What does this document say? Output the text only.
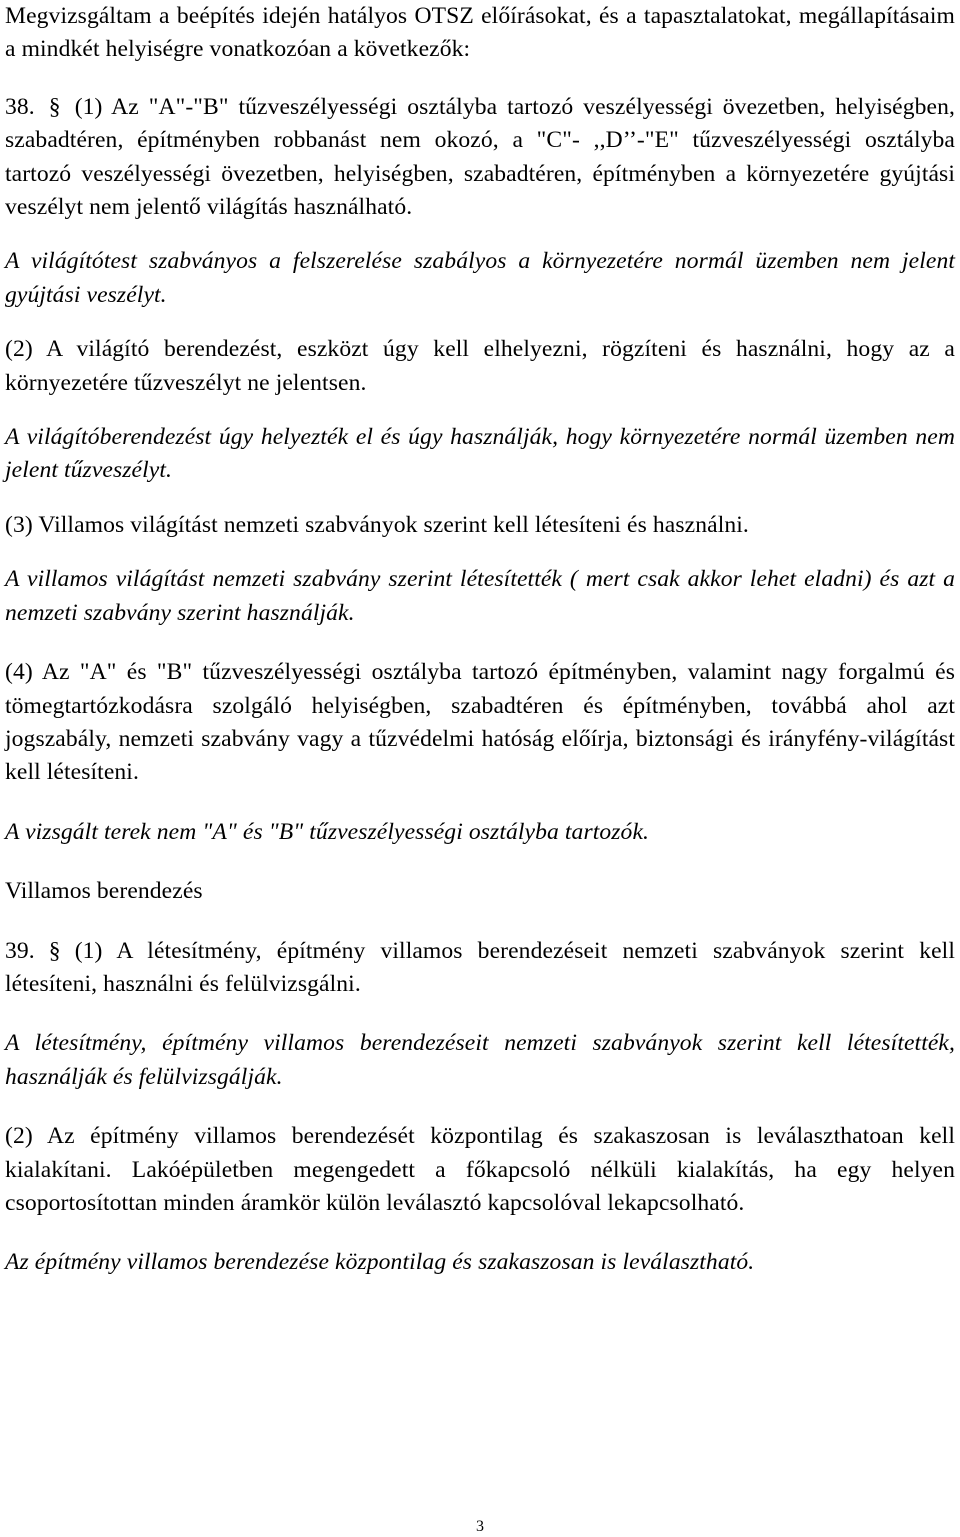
Megvizsgáltam a beépítés idején hatályos OTSZ előírásokat, és a tapasztalatokat, megállapításaim a mindkét helyiségre vonatkozóan a következők:

38. § (1) Az "A"-"B" tűzveszélyességi osztályba tartozó veszélyességi övezetben, helyiségben, szabadtéren, építményben robbanást nem okozó, a "C"- ,,D’’-"E" tűzveszélyességi osztályba tartozó veszélyességi övezetben, helyiségben, szabadtéren, építményben a környezetére gyújtási veszélyt nem jelentő világítás használható.

A világítótest szabványos a felszerelése szabályos a környezetére normál üzemben nem jelent gyújtási veszélyt.

(2) A világító berendezést, eszközt úgy kell elhelyezni, rögzíteni és használni, hogy az a környezetére tűzveszélyt ne jelentsen.

A világítóberendezést úgy helyezték el és úgy használják, hogy környezetére normál üzemben nem jelent tűzveszélyt.

(3) Villamos világítást nemzeti szabványok szerint kell létesíteni és használni.

A villamos világítást nemzeti szabvány szerint létesítették ( mert csak akkor lehet eladni) és azt a nemzeti szabvány szerint használják.

(4) Az "A" és "B" tűzveszélyességi osztályba tartozó építményben, valamint nagy forgalmú és tömegtartózkodásra szolgáló helyiségben, szabadtéren és építményben, továbbá ahol azt jogszabály, nemzeti szabvány vagy a tűzvédelmi hatóság előírja, biztonsági és irányfény-világítást kell létesíteni.

A vizsgált terek nem "A" és "B" tűzveszélyességi osztályba tartozók.

Villamos berendezés

39. § (1) A létesítmény, építmény villamos berendezéseit nemzeti szabványok szerint kell létesíteni, használni és felülvizsgálni.

A létesítmény, építmény villamos berendezéseit nemzeti szabványok szerint kell létesítették, használják és felülvizsgálják.

(2) Az építmény villamos berendezését központilag és szakaszosan is leválaszthatoan kell kialakítani. Lakóépületben megengedett a főkapcsoló nélküli kialakítás, ha egy helyen csoportosítottan minden áramkör külön leválasztó kapcsolóval lekapcsolható.

Az építmény villamos berendezése központilag és szakaszosan is leválasztható.

3
